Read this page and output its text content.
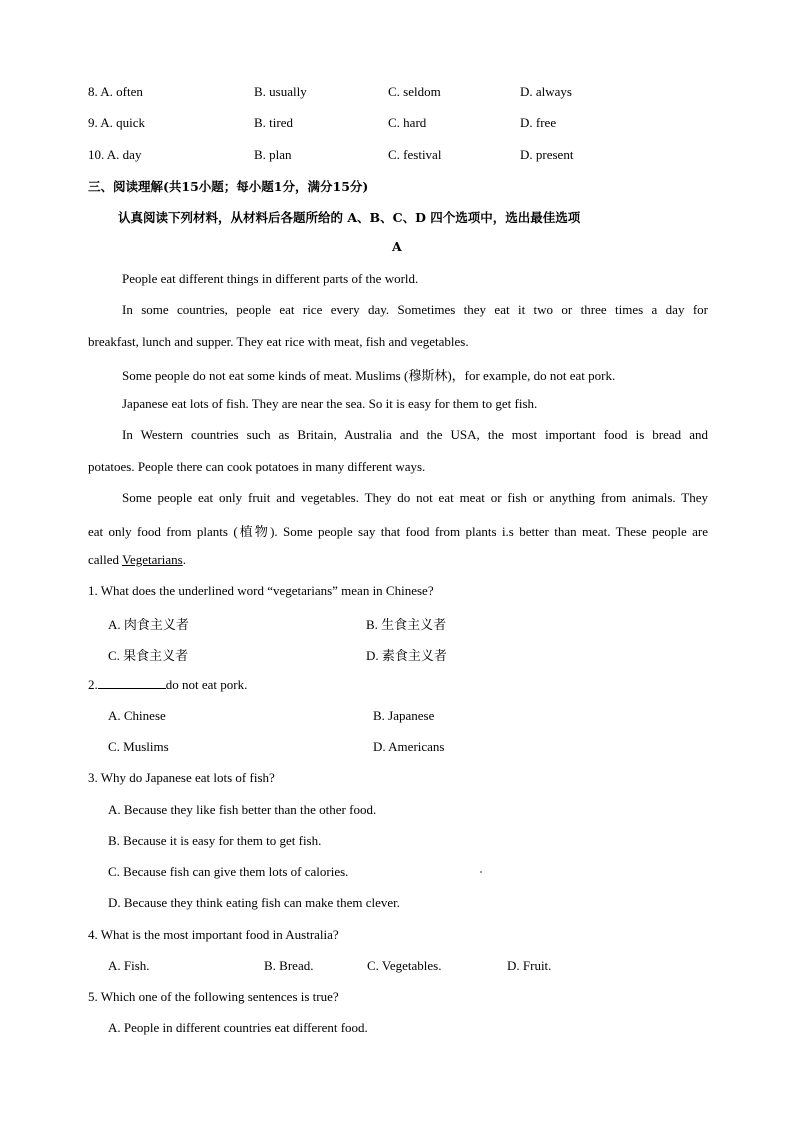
8. A. often	B. usually	C. seldom	D. always
9. A. quick	B. tired	C. hard	D. free
10. A. day	B. plan	C. festival	D. present
三、阅读理解(共15小题；每小题1分，满分15分)
认真阅读下列材料，从材料后各题所给的 A、B、C、D 四个选项中，选出最佳选项
A
People eat different things in different parts of the world.
In some countries, people eat rice every day. Sometimes they eat it two or three times a day for
breakfast, lunch and supper. They eat rice with meat, fish and vegetables.
Some people do not eat some kinds of meat. Muslims (穆斯林)，for example, do not eat pork.
Japanese eat lots of fish. They are near the sea. So it is easy for them to get fish.
In Western countries such as Britain, Australia and the USA, the most important food is bread and
potatoes. People there can cook potatoes in many different ways.
Some people eat only fruit and vegetables. They do not eat meat or fish or anything from animals. They
eat only food from plants (植物). Some people say that food from plants i.s better than meat. These people are
called Vegetarians.
1. What does the underlined word “vegetarians” mean in Chinese?
A. 肉食主义者	B. 生食主义者
C. 果食主义者	D. 素食主义者
2.	do not eat pork.
A. Chinese	B. Japanese
C. Muslims	D. Americans
3. Why do Japanese eat lots of fish?
A. Because they like fish better than the other food.
B. Because it is easy for them to get fish.
C. Because fish can give them lots of calories.
D. Because they think eating fish can make them clever.
4. What is the most important food in Australia?
A. Fish.	B. Bread.	C. Vegetables.	D. Fruit.
5. Which one of the following sentences is true?
A. People in different countries eat different food.
